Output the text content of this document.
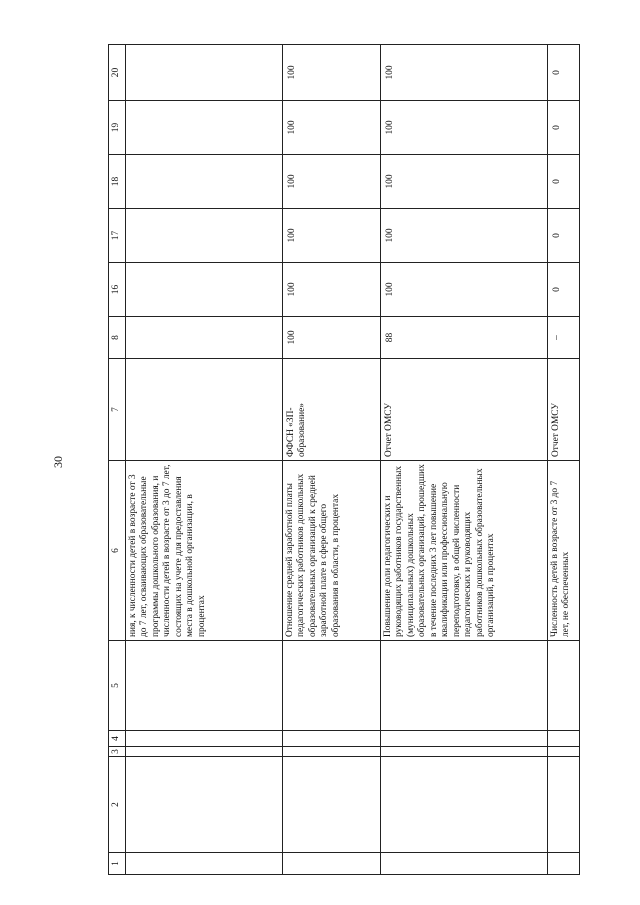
30
1	2	3	4	5	6	7	8	16	17	18	19	20
					ния, к численности детей в возрасте от 3 до 7 лет, осваивающих образовательные программы дошкольного образования, и численности детей в возрасте от 3 до 7 лет, состоящих на учете для предоставления места в дошкольной организации, в процентах							
					Отношение средней заработной платы педагогических работников дошкольных образовательных организаций к средней заработной плате в сфере общего образования в области, в процентах	ФФСН «ЗП-образование»	100	100	100	100	100	100
					Повышение доли педагогических и руководящих работников государственных (муниципальных) дошкольных образовательных организаций, прошедших в течение последних 3 лет повышение квалификации или профессиональную переподготовку, в общей численности педагогических и руководящих работников дошкольных образовательных организаций, в процентах	Отчет ОМСУ	88	100	100	100	100	100
					Численность детей в возрасте от 3 до 7 лет, не обеспеченных	Отчет ОМСУ	–	0	0	0	0	0
